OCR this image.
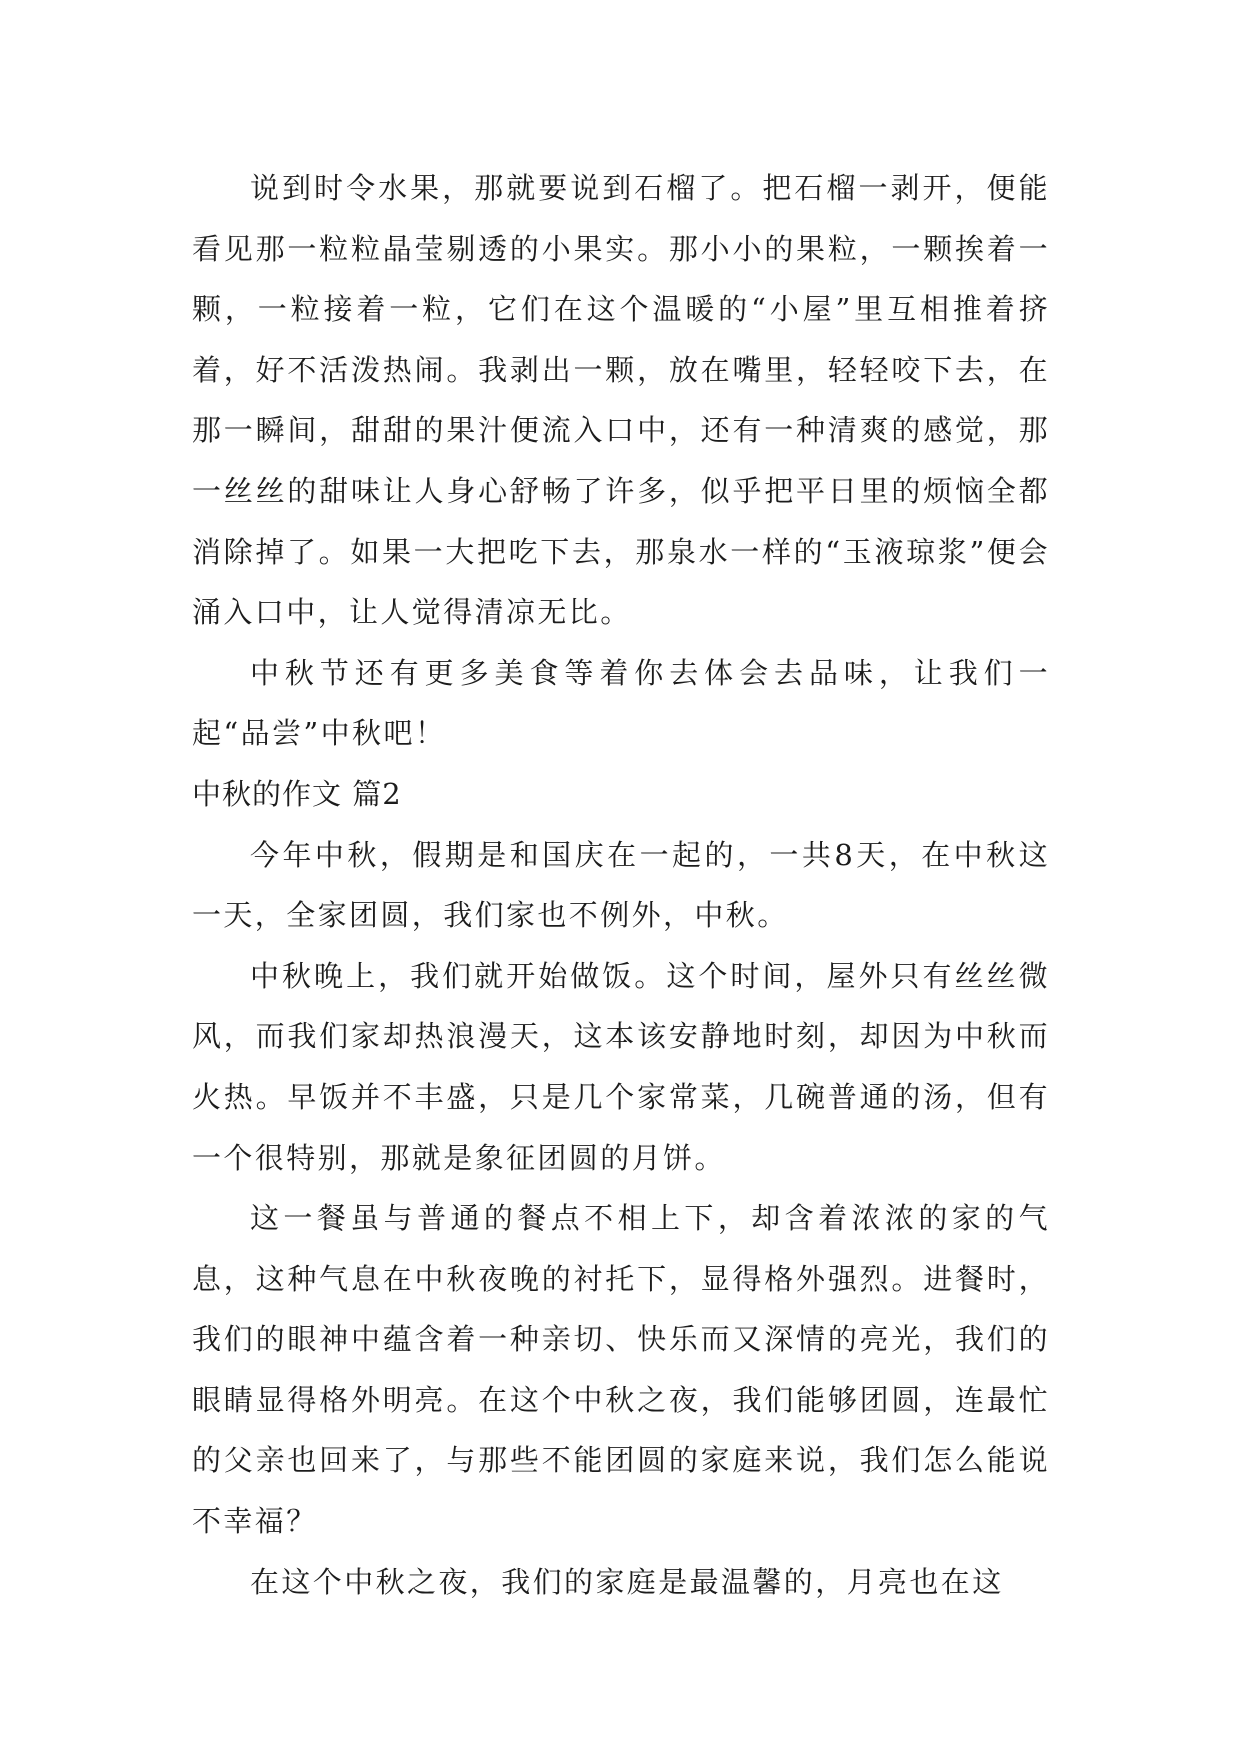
说到时令水果，那就要说到石榴了。把石榴一剥开，便能看见那一粒粒晶莹剔透的小果实。那小小的果粒，一颗挨着一颗，一粒接着一粒，它们在这个温暖的“小屋”里互相推着挤着，好不活泼热闹。我剥出一颗，放在嘴里，轻轻咬下去，在那一瞬间，甜甜的果汁便流入口中，还有一种清爽的感觉，那一丝丝的甜味让人身心舒畅了许多，似乎把平日里的烦恼全都消除掉了。如果一大把吃下去，那泉水一样的“玉液琼浆”便会涌入口中，让人觉得清凉无比。

中秋节还有更多美食等着你去体会去品味，让我们一起“品尝”中秋吧！

中秋的作文 篇2

今年中秋，假期是和国庆在一起的，一共8天，在中秋这一天，全家团圆，我们家也不例外，中秋。

中秋晚上，我们就开始做饭。这个时间，屋外只有丝丝微风，而我们家却热浪漫天，这本该安静地时刻，却因为中秋而火热。早饭并不丰盛，只是几个家常菜，几碗普通的汤，但有一个很特别，那就是象征团圆的月饼。

这一餐虽与普通的餐点不相上下，却含着浓浓的家的气息，这种气息在中秋夜晚的衬托下，显得格外强烈。进餐时，我们的眼神中蕴含着一种亲切、快乐而又深情的亮光，我们的眼睛显得格外明亮。在这个中秋之夜，我们能够团圆，连最忙的父亲也回来了，与那些不能团圆的家庭来说，我们怎么能说不幸福？

在这个中秋之夜，我们的家庭是最温馨的，月亮也在这
